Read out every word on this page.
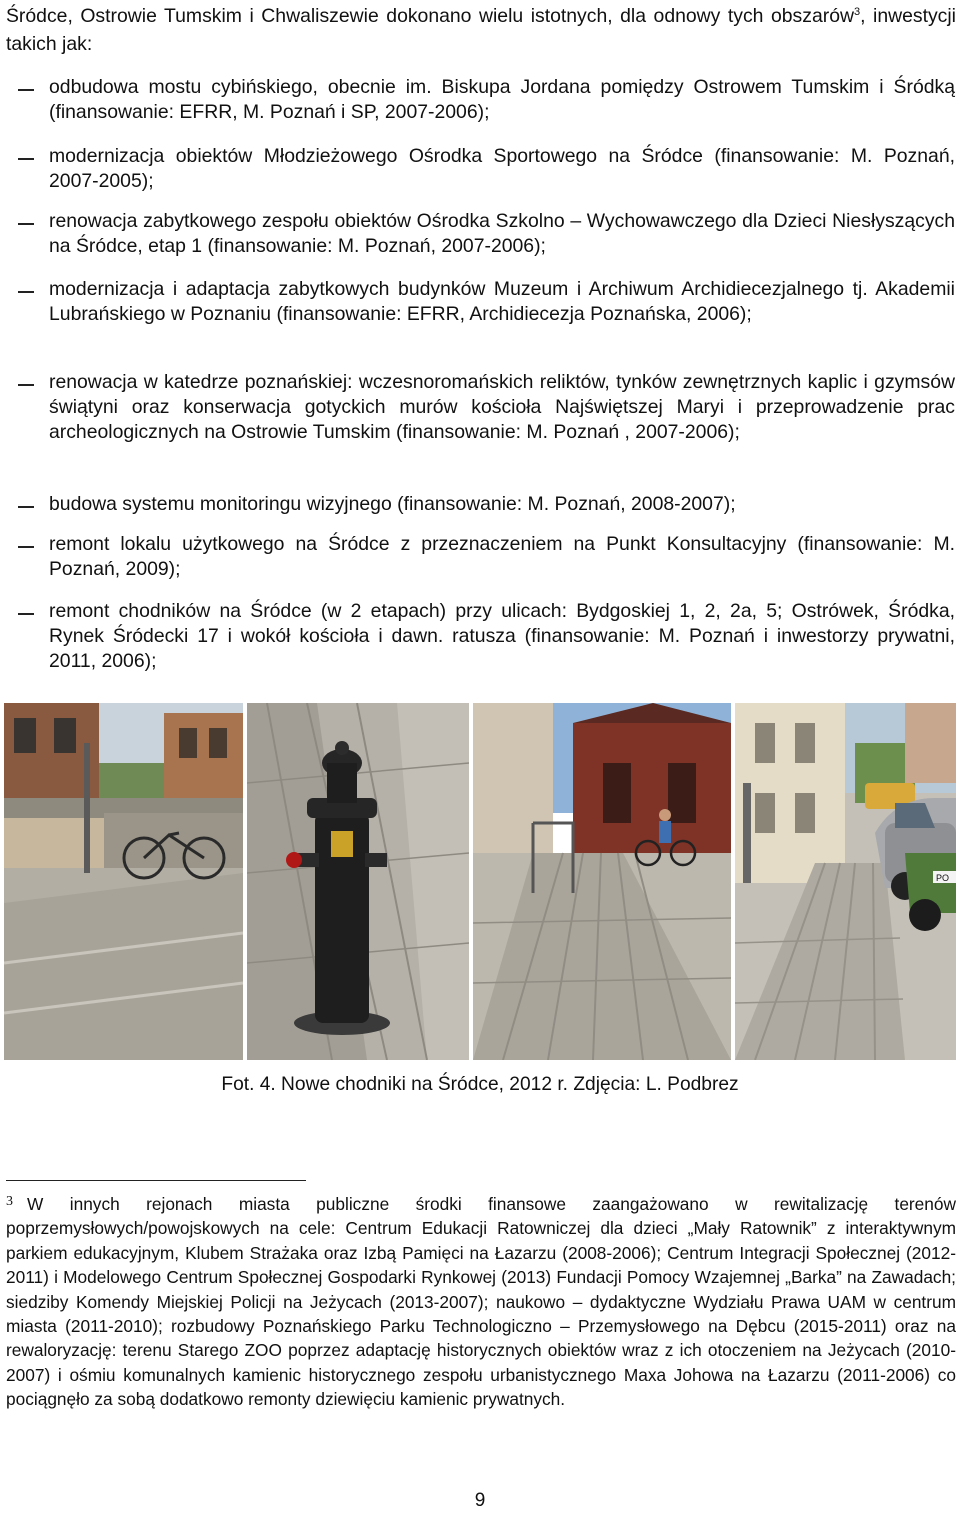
Śródce, Ostrowie Tumskim i Chwaliszewie dokonano wielu istotnych, dla odnowy tych obszarów$^3$, inwestycji takich jak:
odbudowa mostu cybińskiego, obecnie im. Biskupa Jordana pomiędzy Ostrowem Tumskim i Śródką (finansowanie: EFRR, M. Poznań i SP, 2007-2006);
modernizacja obiektów Młodzieżowego Ośrodka Sportowego na Śródce (finansowanie: M. Poznań, 2007-2005);
renowacja zabytkowego zespołu obiektów Ośrodka Szkolno – Wychowawczego dla Dzieci Niesłyszących na Śródce, etap 1 (finansowanie: M. Poznań, 2007-2006);
modernizacja i adaptacja zabytkowych budynków Muzeum i Archiwum Archidiecezjalnego tj. Akademii Lubrańskiego w Poznaniu (finansowanie: EFRR, Archidiecezja Poznańska, 2006);
renowacja w katedrze poznańskiej: wczesnoromańskich reliktów, tynków zewnętrznych kaplic i gzymsów świątyni oraz konserwacja gotyckich murów kościoła Najświętszej Maryi i przeprowadzenie prac archeologicznych na Ostrowie Tumskim (finansowanie: M. Poznań , 2007-2006);
budowa systemu monitoringu wizyjnego (finansowanie: M. Poznań, 2008-2007);
remont lokalu użytkowego na Śródce z przeznaczeniem na Punkt Konsultacyjny (finansowanie: M. Poznań, 2009);
remont chodników na Śródce (w 2 etapach) przy ulicach: Bydgoskiej 1, 2, 2a, 5; Ostrówek, Śródka, Rynek Śródecki 17 i wokół kościoła i dawn. ratusza (finansowanie: M. Poznań i inwestorzy prywatni, 2011, 2006);
PO
Fot. 4. Nowe chodniki na Śródce, 2012 r. Zdjęcia: L. Podbrez
$^3$ W innych rejonach miasta publiczne środki finansowe zaangażowano w rewitalizację terenów poprzemysłowych/powojskowych na cele: Centrum Edukacji Ratowniczej dla dzieci „Mały Ratownik” z interaktywnym parkiem edukacyjnym, Klubem Strażaka oraz Izbą Pamięci na Łazarzu (2008-2006); Centrum Integracji Społecznej (2012-2011) i Modelowego Centrum Społecznej Gospodarki Rynkowej (2013) Fundacji Pomocy Wzajemnej „Barka” na Zawadach; siedziby Komendy Miejskiej Policji na Jeżycach (2013-2007); naukowo – dydaktyczne Wydziału Prawa UAM w centrum miasta (2011-2010); rozbudowy Poznańskiego Parku Technologiczno – Przemysłowego na Dębcu (2015-2011) oraz na rewaloryzację: terenu Starego ZOO poprzez adaptację historycznych obiektów wraz z ich otoczeniem na Jeżycach (2010-2007) i ośmiu komunalnych kamienic historycznego zespołu urbanistycznego Maxa Johowa na Łazarzu (2011-2006) co pociągnęło za sobą dodatkowo remonty dziewięciu kamienic prywatnych.
9
